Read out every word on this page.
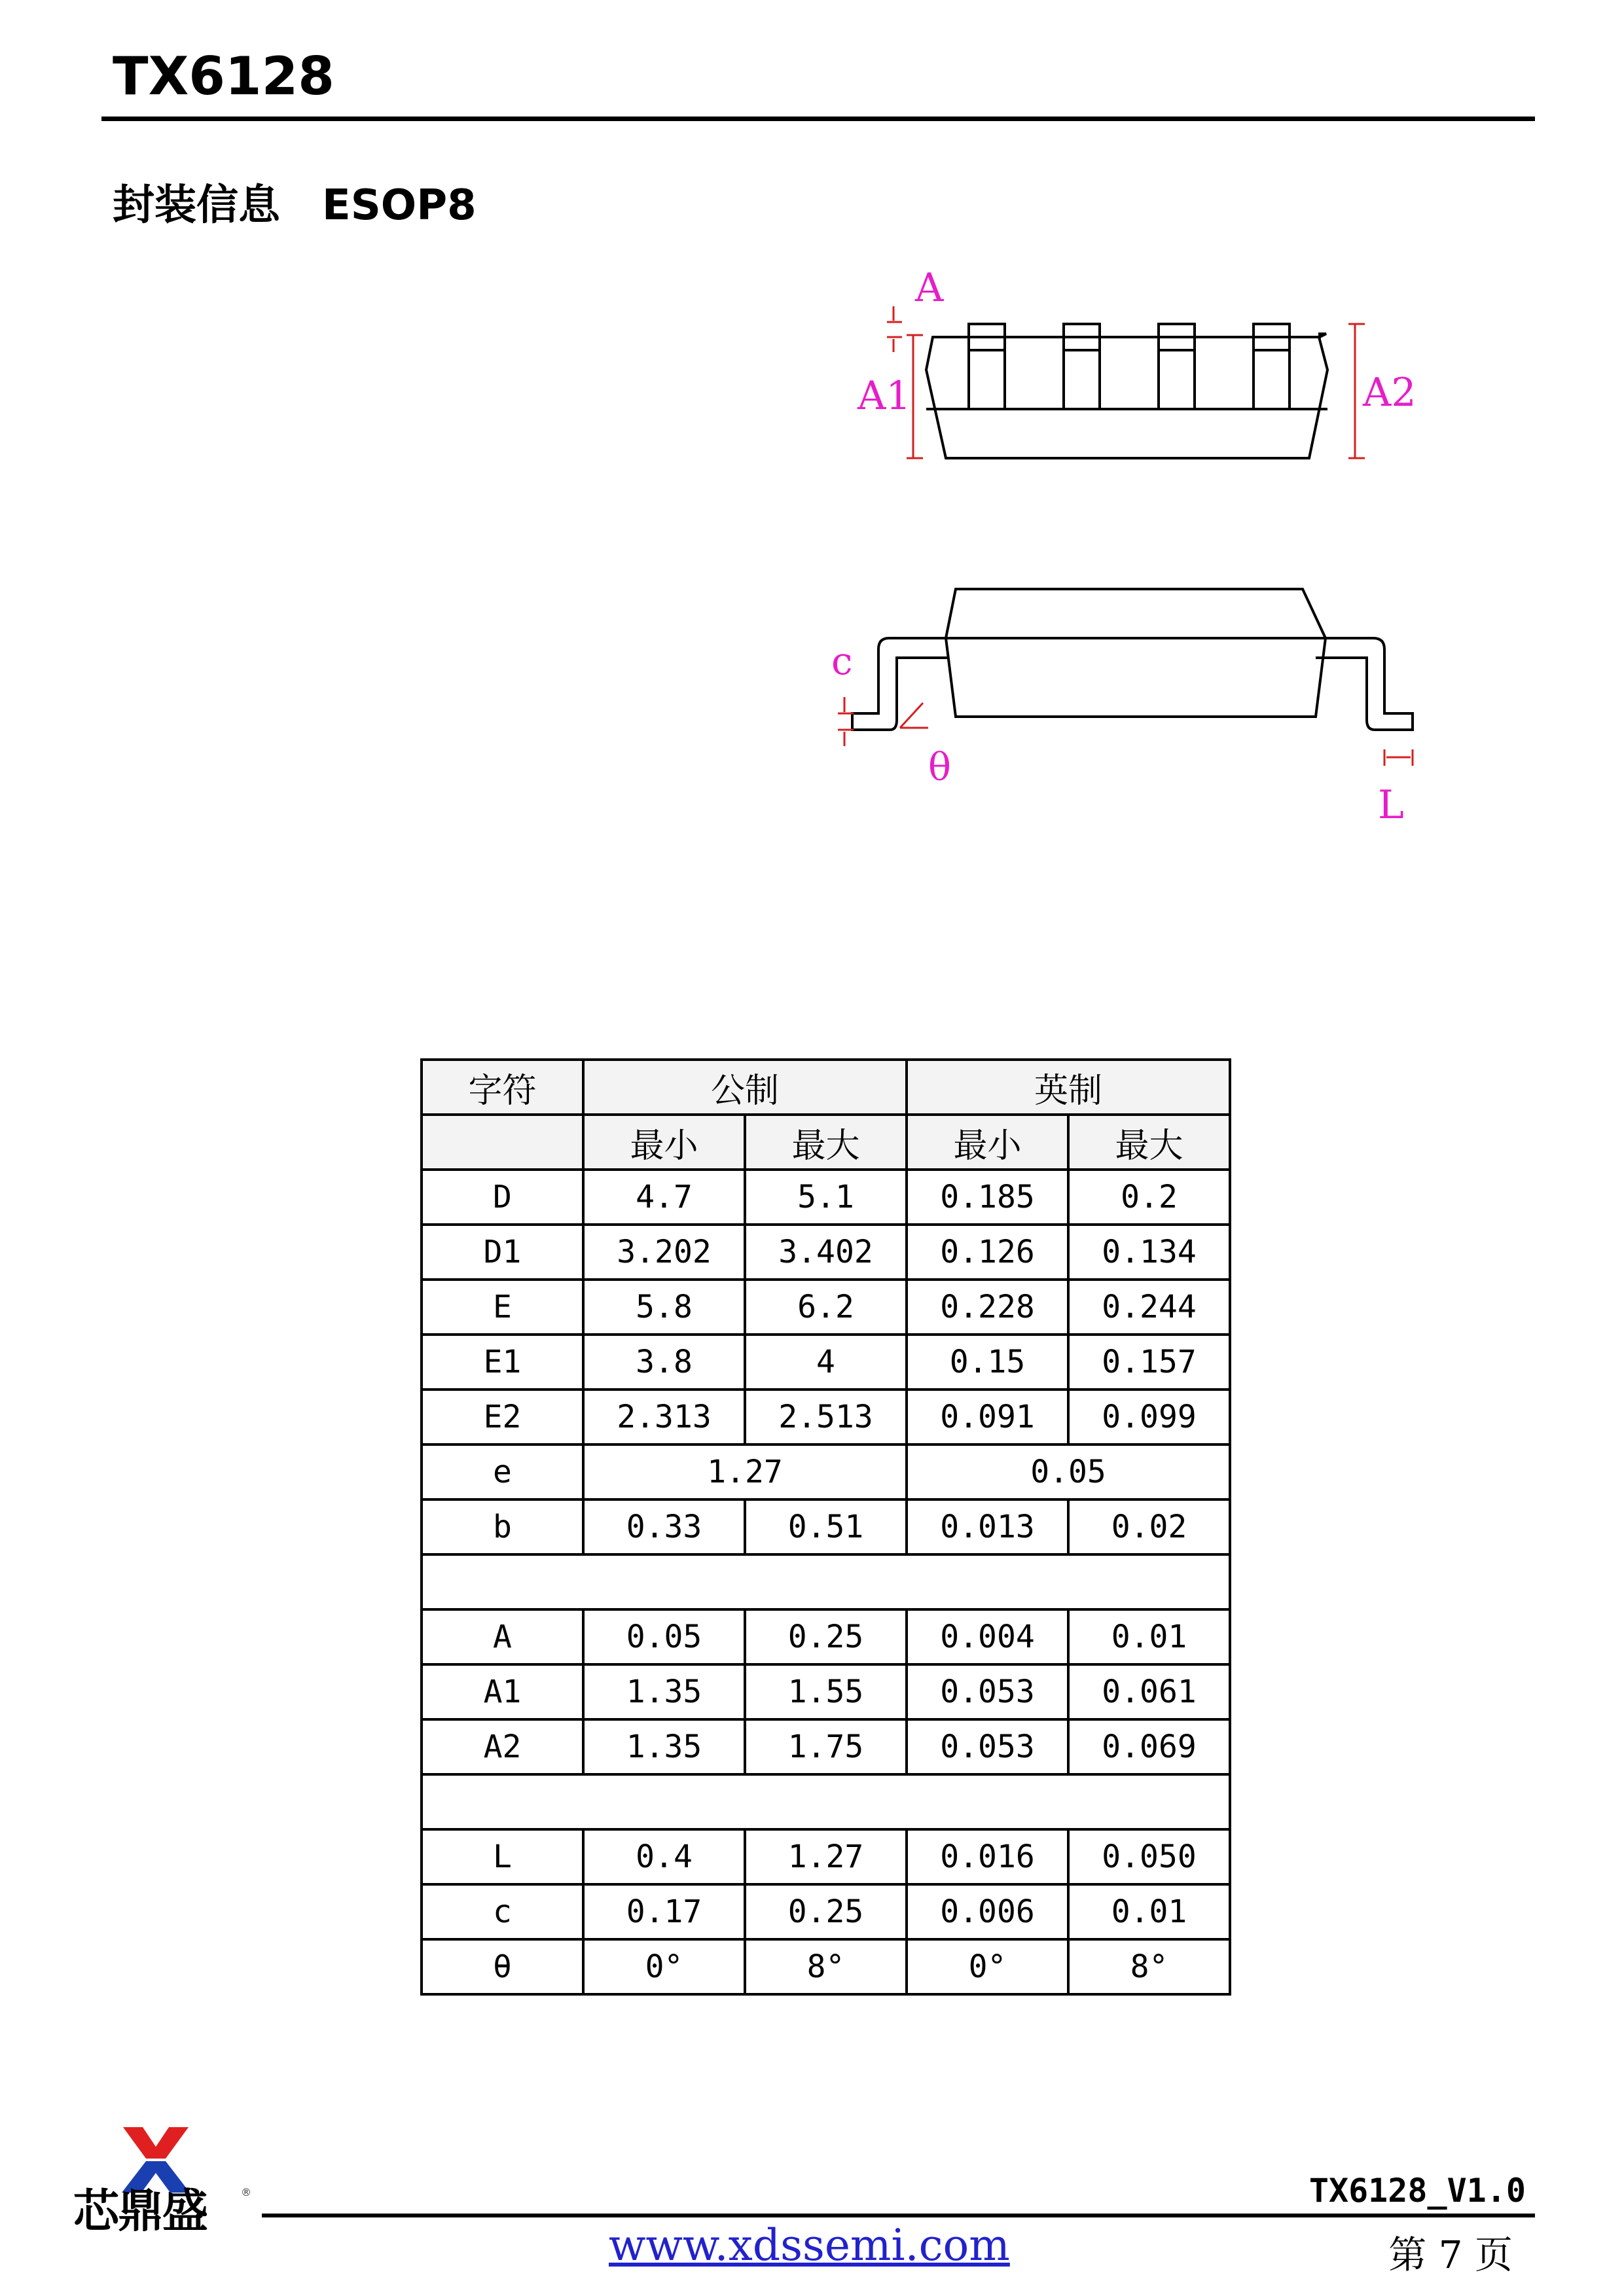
TX6128
封装信息　ESOP8
A
A1	A2
c
θ
L
字符	公制		英制	
	最小	最大	最小	最大
D	4.7	5.1	0.185	0.2
D1	3.202	3.402	0.126	0.134
E	5.8	6.2	0.228	0.244
E1	3.8	4	0.15	0.157
E2	2.313	2.513	0.091	0.099
e	1.27		0.05	
b	0.33	0.51	0.013	0.02

A	0.05	0.25	0.004	0.01
A1	1.35	1.55	0.053	0.061
A2	1.35	1.75	0.053	0.069

L	0.4	1.27	0.016	0.050
c	0.17	0.25	0.006	0.01
θ	0°	8°	0°	8°
芯鼎盛	®	TX6128_V1.0
www.xdssemi.com	第 7 页
